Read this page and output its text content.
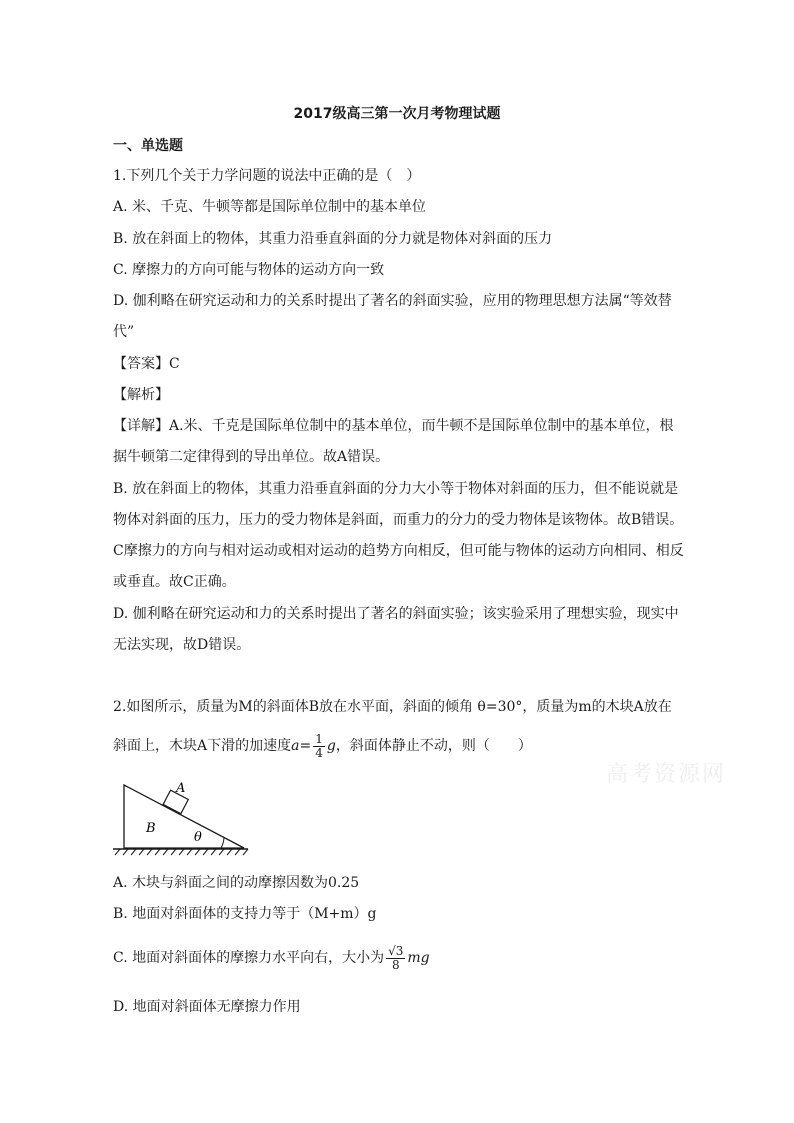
2017级高三第一次月考物理试题
一、单选题
1.下列几个关于力学问题的说法中正确的是（　）
A. 米、千克、牛顿等都是国际单位制中的基本单位
B. 放在斜面上的物体，其重力沿垂直斜面的分力就是物体对斜面的压力
C. 摩擦力的方向可能与物体的运动方向一致
D. 伽利略在研究运动和力的关系时提出了著名的斜面实验，应用的物理思想方法属“等效替
代”
【答案】C
【解析】
【详解】A.米、千克是国际单位制中的基本单位，而牛顿不是国际单位制中的基本单位，根
据牛顿第二定律得到的导出单位。故A错误。
B. 放在斜面上的物体，其重力沿垂直斜面的分力大小等于物体对斜面的压力，但不能说就是
物体对斜面的压力，压力的受力物体是斜面，而重力的分力的受力物体是该物体。故B错误。
C摩擦力的方向与相对运动或相对运动的趋势方向相反，但可能与物体的运动方向相同、相反
或垂直。故C正确。
D. 伽利略在研究运动和力的关系时提出了著名的斜面实验；该实验采用了理想实验，现实中
无法实现，故D错误。
2.如图所示，质量为M的斜面体B放在水平面，斜面的倾角 θ=30°，质量为m的木块A放在
斜面上，木块A下滑的加速度$a= \frac{1}{4}$ g，斜面体静止不动，则（　　）
高考资源网
A
B
θ
A. 木块与斜面之间的动摩擦因数为0.25
B. 地面对斜面体的支持力等于（M+m）g
C. 地面对斜面体的摩擦力水平向右，大小为 $\frac{√3}{8}$ mg
D. 地面对斜面体无摩擦力作用
